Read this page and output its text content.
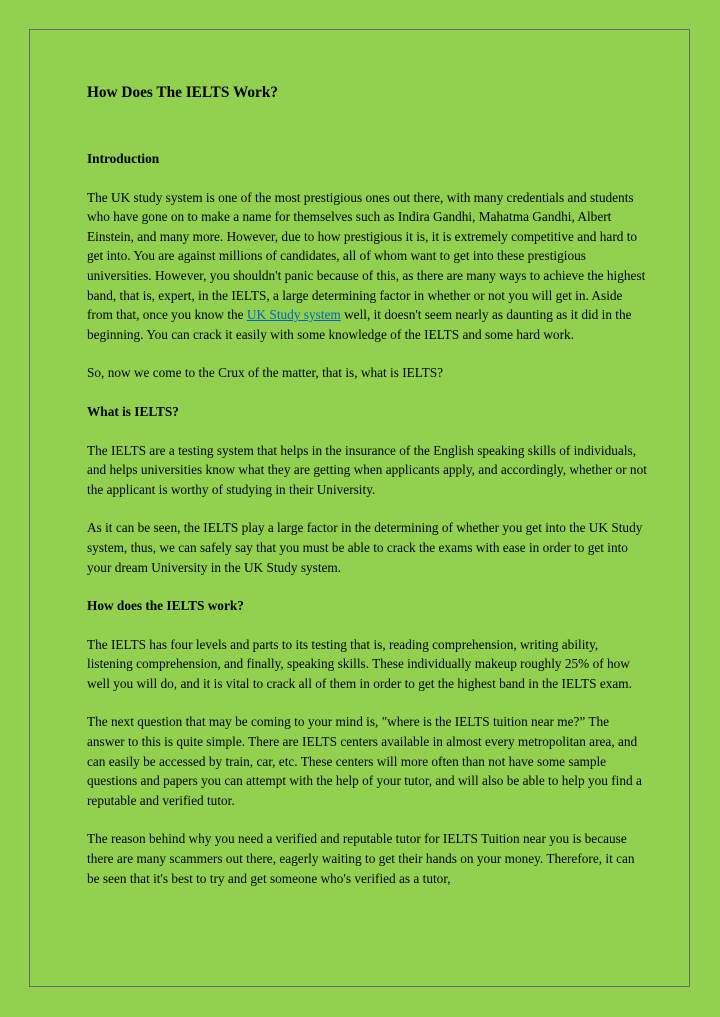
How Does The IELTS Work?

Introduction

The UK study system is one of the most prestigious ones out there, with many credentials and students who have gone on to make a name for themselves such as Indira Gandhi, Mahatma Gandhi, Albert Einstein, and many more. However, due to how prestigious it is, it is extremely competitive and hard to get into. You are against millions of candidates, all of whom want to get into these prestigious universities. However, you shouldn't panic because of this, as there are many ways to achieve the highest band, that is, expert, in the IELTS, a large determining factor in whether or not you will get in. Aside from that, once you know the UK Study system well, it doesn't seem nearly as daunting as it did in the beginning. You can crack it easily with some knowledge of the IELTS and some hard work.

So, now we come to the Crux of the matter, that is, what is IELTS?

What is IELTS?

The IELTS are a testing system that helps in the insurance of the English speaking skills of individuals, and helps universities know what they are getting when applicants apply, and accordingly, whether or not the applicant is worthy of studying in their University.

As it can be seen, the IELTS play a large factor in the determining of whether you get into the UK Study system, thus, we can safely say that you must be able to crack the exams with ease in order to get into your dream University in the UK Study system.

How does the IELTS work?

The IELTS has four levels and parts to its testing that is, reading comprehension, writing ability, listening comprehension, and finally, speaking skills. These individually makeup roughly 25% of how well you will do, and it is vital to crack all of them in order to get the highest band in the IELTS exam.

The next question that may be coming to your mind is, "where is the IELTS tuition near me?” The answer to this is quite simple. There are IELTS centers available in almost every metropolitan area, and can easily be accessed by train, car, etc. These centers will more often than not have some sample questions and papers you can attempt with the help of your tutor, and will also be able to help you find a reputable and verified tutor.

The reason behind why you need a verified and reputable tutor for IELTS Tuition near you is because there are many scammers out there, eagerly waiting to get their hands on your money. Therefore, it can be seen that it's best to try and get someone who's verified as a tutor,
